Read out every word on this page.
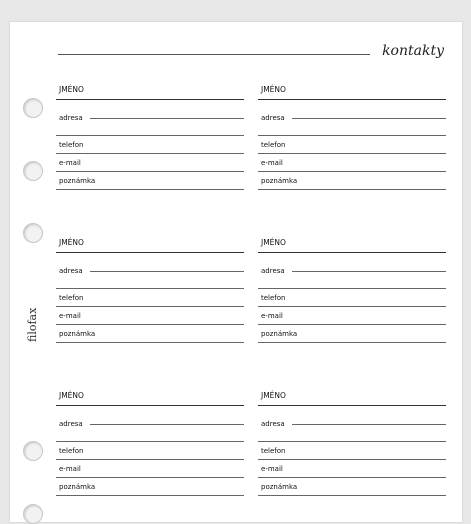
kontakty
filofax
JMÉNO
adresa
telefon
e-mail
poznámka
JMÉNO
adresa
telefon
e-mail
poznámka
JMÉNO
adresa
telefon
e-mail
poznámka
JMÉNO
adresa
telefon
e-mail
poznámka
JMÉNO
adresa
telefon
e-mail
poznámka
JMÉNO
adresa
telefon
e-mail
poznámka
